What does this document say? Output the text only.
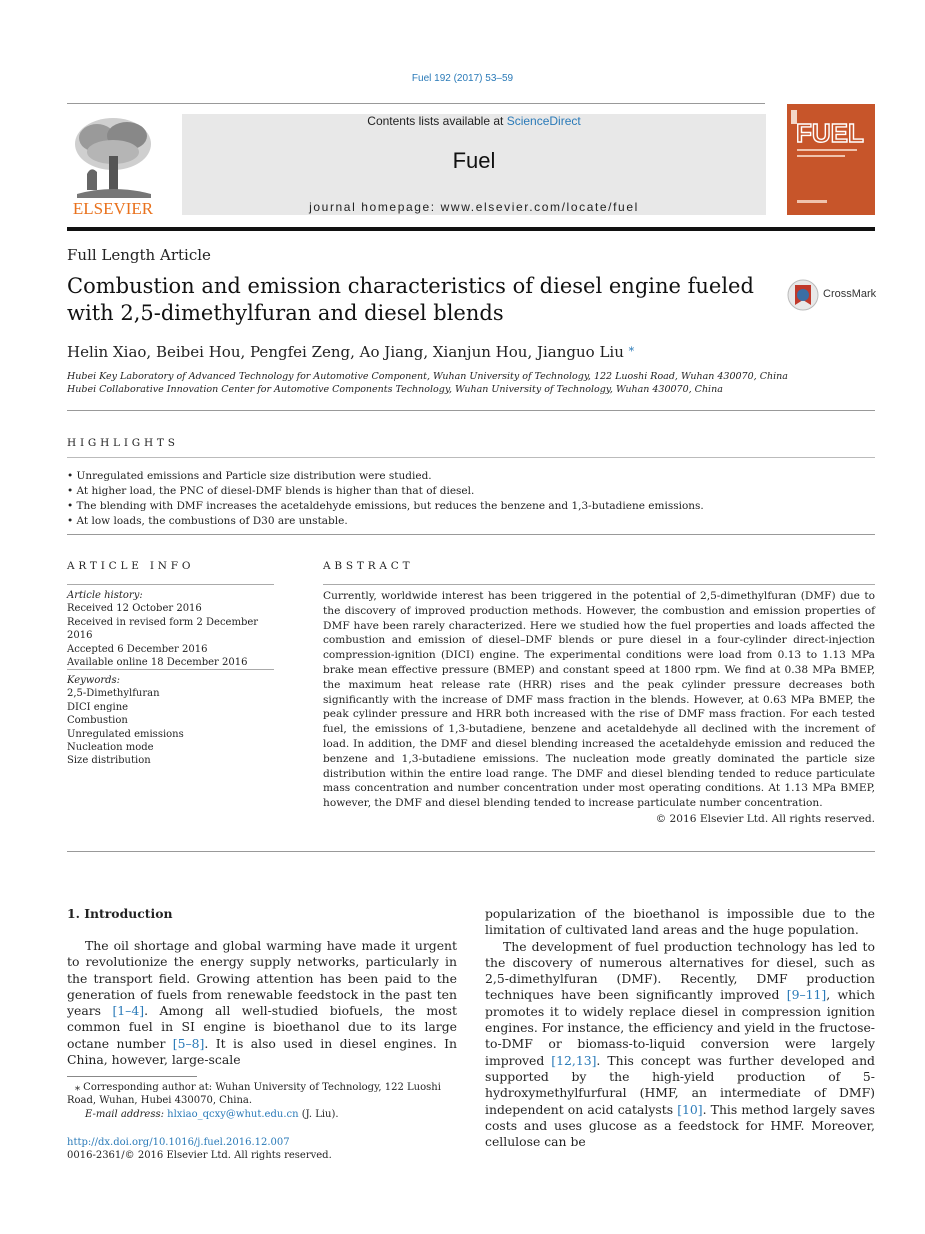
Fuel 192 (2017) 53–59
ELSEVIER
Contents lists available at ScienceDirect
Fuel
journal homepage: www.elsevier.com/locate/fuel
FUEL
Full Length Article
Combustion and emission characteristics of diesel engine fueled with 2,5-dimethylfuran and diesel blends
CrossMark
Helin Xiao, Beibei Hou, Pengfei Zeng, Ao Jiang, Xianjun Hou, Jianguo Liu ⁎
Hubei Key Laboratory of Advanced Technology for Automotive Component, Wuhan University of Technology, 122 Luoshi Road, Wuhan 430070, China
Hubei Collaborative Innovation Center for Automotive Components Technology, Wuhan University of Technology, Wuhan 430070, China
HIGHLIGHTS
• Unregulated emissions and Particle size distribution were studied.
• At higher load, the PNC of diesel-DMF blends is higher than that of diesel.
• The blending with DMF increases the acetaldehyde emissions, but reduces the benzene and 1,3-butadiene emissions.
• At low loads, the combustions of D30 are unstable.
ARTICLE INFO
Article history:
Received 12 October 2016
Received in revised form 2 December 2016
Accepted 6 December 2016
Available online 18 December 2016
Keywords:
2,5-Dimethylfuran
DICI engine
Combustion
Unregulated emissions
Nucleation mode
Size distribution
ABSTRACT
Currently, worldwide interest has been triggered in the potential of 2,5-dimethylfuran (DMF) due to the discovery of improved production methods. However, the combustion and emission properties of DMF have been rarely characterized. Here we studied how the fuel properties and loads affected the combustion and emission of diesel–DMF blends or pure diesel in a four-cylinder direct-injection compression-ignition (DICI) engine. The experimental conditions were load from 0.13 to 1.13 MPa brake mean effective pressure (BMEP) and constant speed at 1800 rpm. We find at 0.38 MPa BMEP, the maximum heat release rate (HRR) rises and the peak cylinder pressure decreases both significantly with the increase of DMF mass fraction in the blends. However, at 0.63 MPa BMEP, the peak cylinder pressure and HRR both increased with the rise of DMF mass fraction. For each tested fuel, the emissions of 1,3-butadiene, benzene and acetaldehyde all declined with the increment of load. In addition, the DMF and diesel blending increased the acetaldehyde emission and reduced the benzene and 1,3-butadiene emissions. The nucleation mode greatly dominated the particle size distribution within the entire load range. The DMF and diesel blending tended to reduce particulate mass concentration and number concentration under most operating conditions. At 1.13 MPa BMEP, however, the DMF and diesel blending tended to increase particulate number concentration.
© 2016 Elsevier Ltd. All rights reserved.
1. Introduction
The oil shortage and global warming have made it urgent to revolutionize the energy supply networks, particularly in the transport field. Growing attention has been paid to the generation of fuels from renewable feedstock in the past ten years [1–4]. Among all well-studied biofuels, the most common fuel in SI engine is bioethanol due to its large octane number [5–8]. It is also used in diesel engines. In China, however, large-scale

popularization of the bioethanol is impossible due to the limitation of cultivated land areas and the huge population.

The development of fuel production technology has led to the discovery of numerous alternatives for diesel, such as 2,5-dimethylfuran (DMF). Recently, DMF production techniques have been significantly improved [9–11], which promotes it to widely replace diesel in compression ignition engines. For instance, the efficiency and yield in the fructose-to-DMF or biomass-to-liquid conversion were largely improved [12,13]. This concept was further developed and supported by the high-yield production of 5-hydroxymethylfurfural (HMF, an intermediate of DMF) independent on acid catalysts [10]. This method largely saves costs and uses glucose as a feedstock for HMF. Moreover, cellulose can be

⁎ Corresponding author at: Wuhan University of Technology, 122 Luoshi Road, Wuhan, Hubei 430070, China.
E-mail address: hlxiao_qcxy@whut.edu.cn (J. Liu).
http://dx.doi.org/10.1016/j.fuel.2016.12.007
0016-2361/© 2016 Elsevier Ltd. All rights reserved.
